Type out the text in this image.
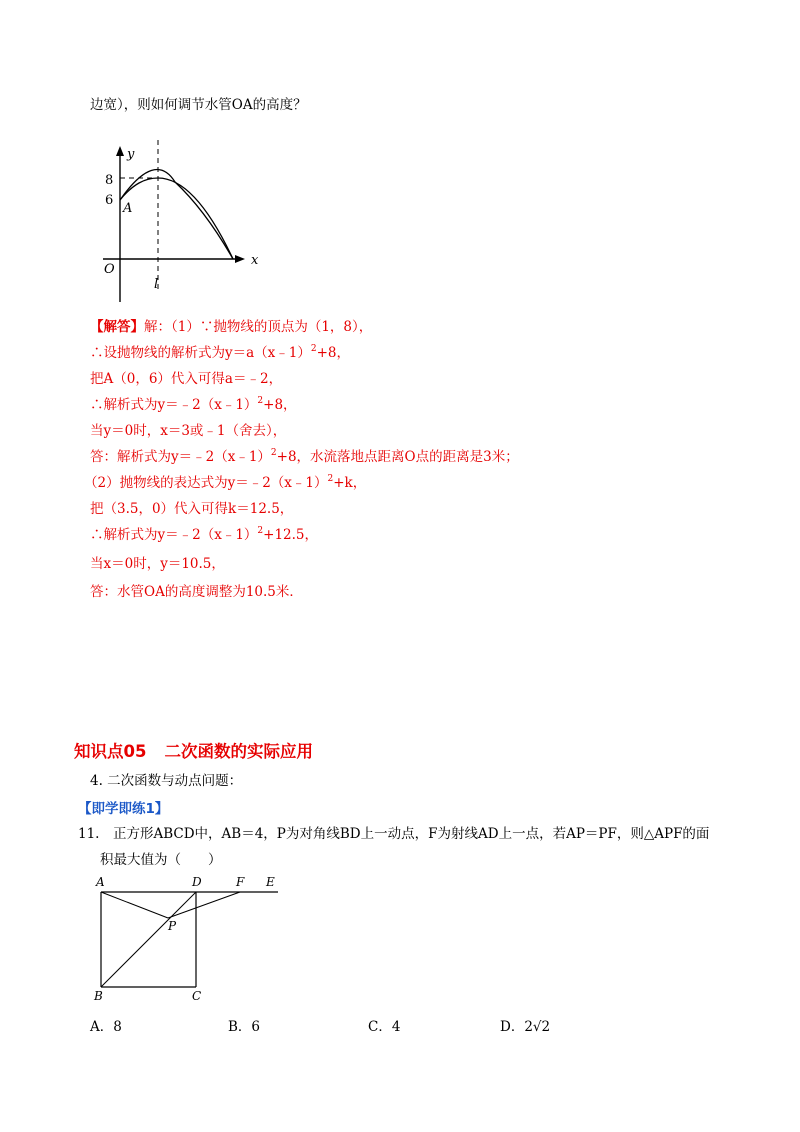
边宽），则如何调节水管OA的高度？
y
x
O
8
6
A
l
【解答】解：（1）∵抛物线的顶点为（1，8），
∴设抛物线的解析式为y＝a（x﹣1）$^2$+8，
把A（0，6）代入可得a＝﹣2，
∴解析式为y＝﹣2（x﹣1）$^2$+8，
当y＝0时，x＝3或﹣1（舍去），
答：解析式为y＝﹣2（x﹣1）$^2$+8，水流落地点距离O点的距离是3米；
（2）抛物线的表达式为y＝﹣2（x﹣1）$^2$+k，
把（3.5，0）代入可得k＝12.5，
∴解析式为y＝﹣2（x﹣1）$^2$+12.5，
当x＝0时，y＝10.5，
答：水管OA的高度调整为10.5米．
知识点05 二次函数的实际应用
4. 二次函数与动点问题：
【即学即练1】
11.　正方形ABCD中，AB＝4，P为对角线BD上一动点，F为射线AD上一点，若AP＝PF，则△APF的面
积最大值为（　　）
A	D	F E
P
B	C
A．8	B．6	C．4	D．2√2
